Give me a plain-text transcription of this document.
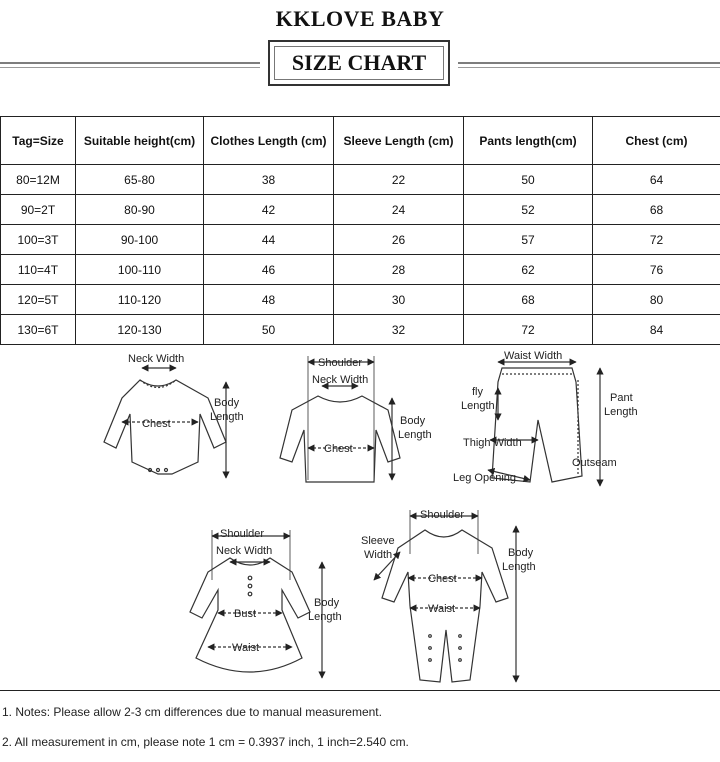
KKLOVE BABY
SIZE CHART
Tag=Size	Suitable height(cm)	Clothes Length (cm)	Sleeve Length (cm)	Pants length(cm)	Chest (cm)
80=12M	65-80	38	22	50	64
90=2T	80-90	42	24	52	68
100=3T	90-100	44	26	57	72
110=4T	100-110	46	28	62	76
120=5T	110-120	48	30	68	80
130=6T	120-130	50	32	72	84
Neck Width
Chest
Body
Length
Shoulder
Neck Width
Chest
Body
Length
Waist Width
fly
Length
Pant
Length
Thigh Width
Outseam
Leg Opening
Shoulder
Neck Width
Bust
Waist
Body
Length
Shoulder
Sleeve
Width
Chest
Waist
Body
Length
1. Notes: Please allow 2-3 cm differences due to manual measurement.
2. All measurement in cm, please note 1 cm = 0.3937 inch, 1 inch=2.540 cm.
